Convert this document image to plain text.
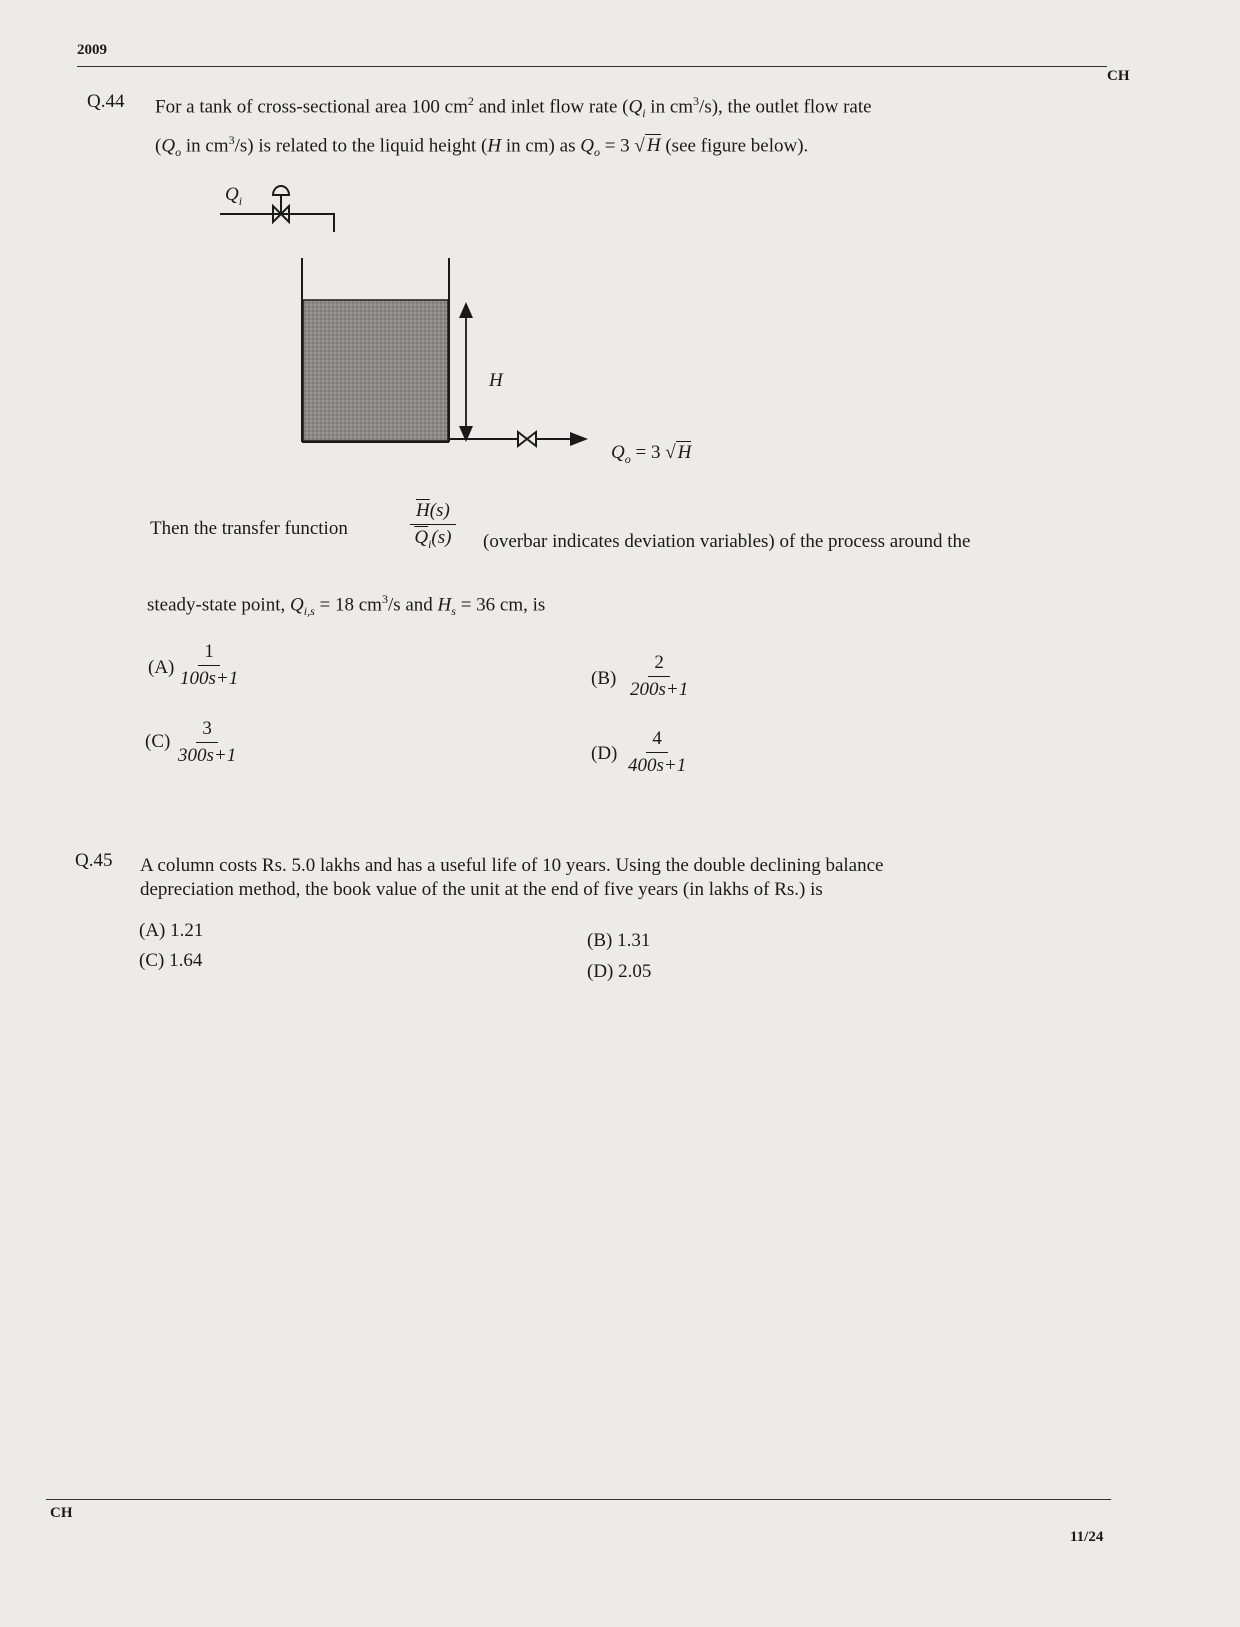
2009
CH
Q.44 For a tank of cross-sectional area 100 $cm^2$ and inlet flow rate ($Q_i$ in $cm^3/s$), the outlet flow rate
($Q_o$ in $cm^3/s$) is related to the liquid height (H in cm) as $Q_o = 3$ √ H (see figure below).
$Q_i$
H
$Q_o = 3$ √ H
Then the transfer function	$\frac{\overline{H}(s)}{\overline{Q}_i(s)}$ (overbar indicates deviation variables) of the process around the
steady-state point, $Q_{i,s} = 18$ $cm^3/s$ and $H_s = 36$ cm, is
$(A) \frac{1}{100s+1}$	$(B) \frac{2}{200s+1}$
$(C) \frac{3}{300s+1}$	$(D) \frac{4}{400s+1}$
Q.45 A column costs Rs. 5.0 lakhs and has a useful life of 10 years. Using the double declining balance
depreciation method, the book value of the unit at the end of five years (in lakhs of Rs.) is
(A) 1.21	(B) 1.31
(C) 1.64
(D) 2.05
CH
11/24
